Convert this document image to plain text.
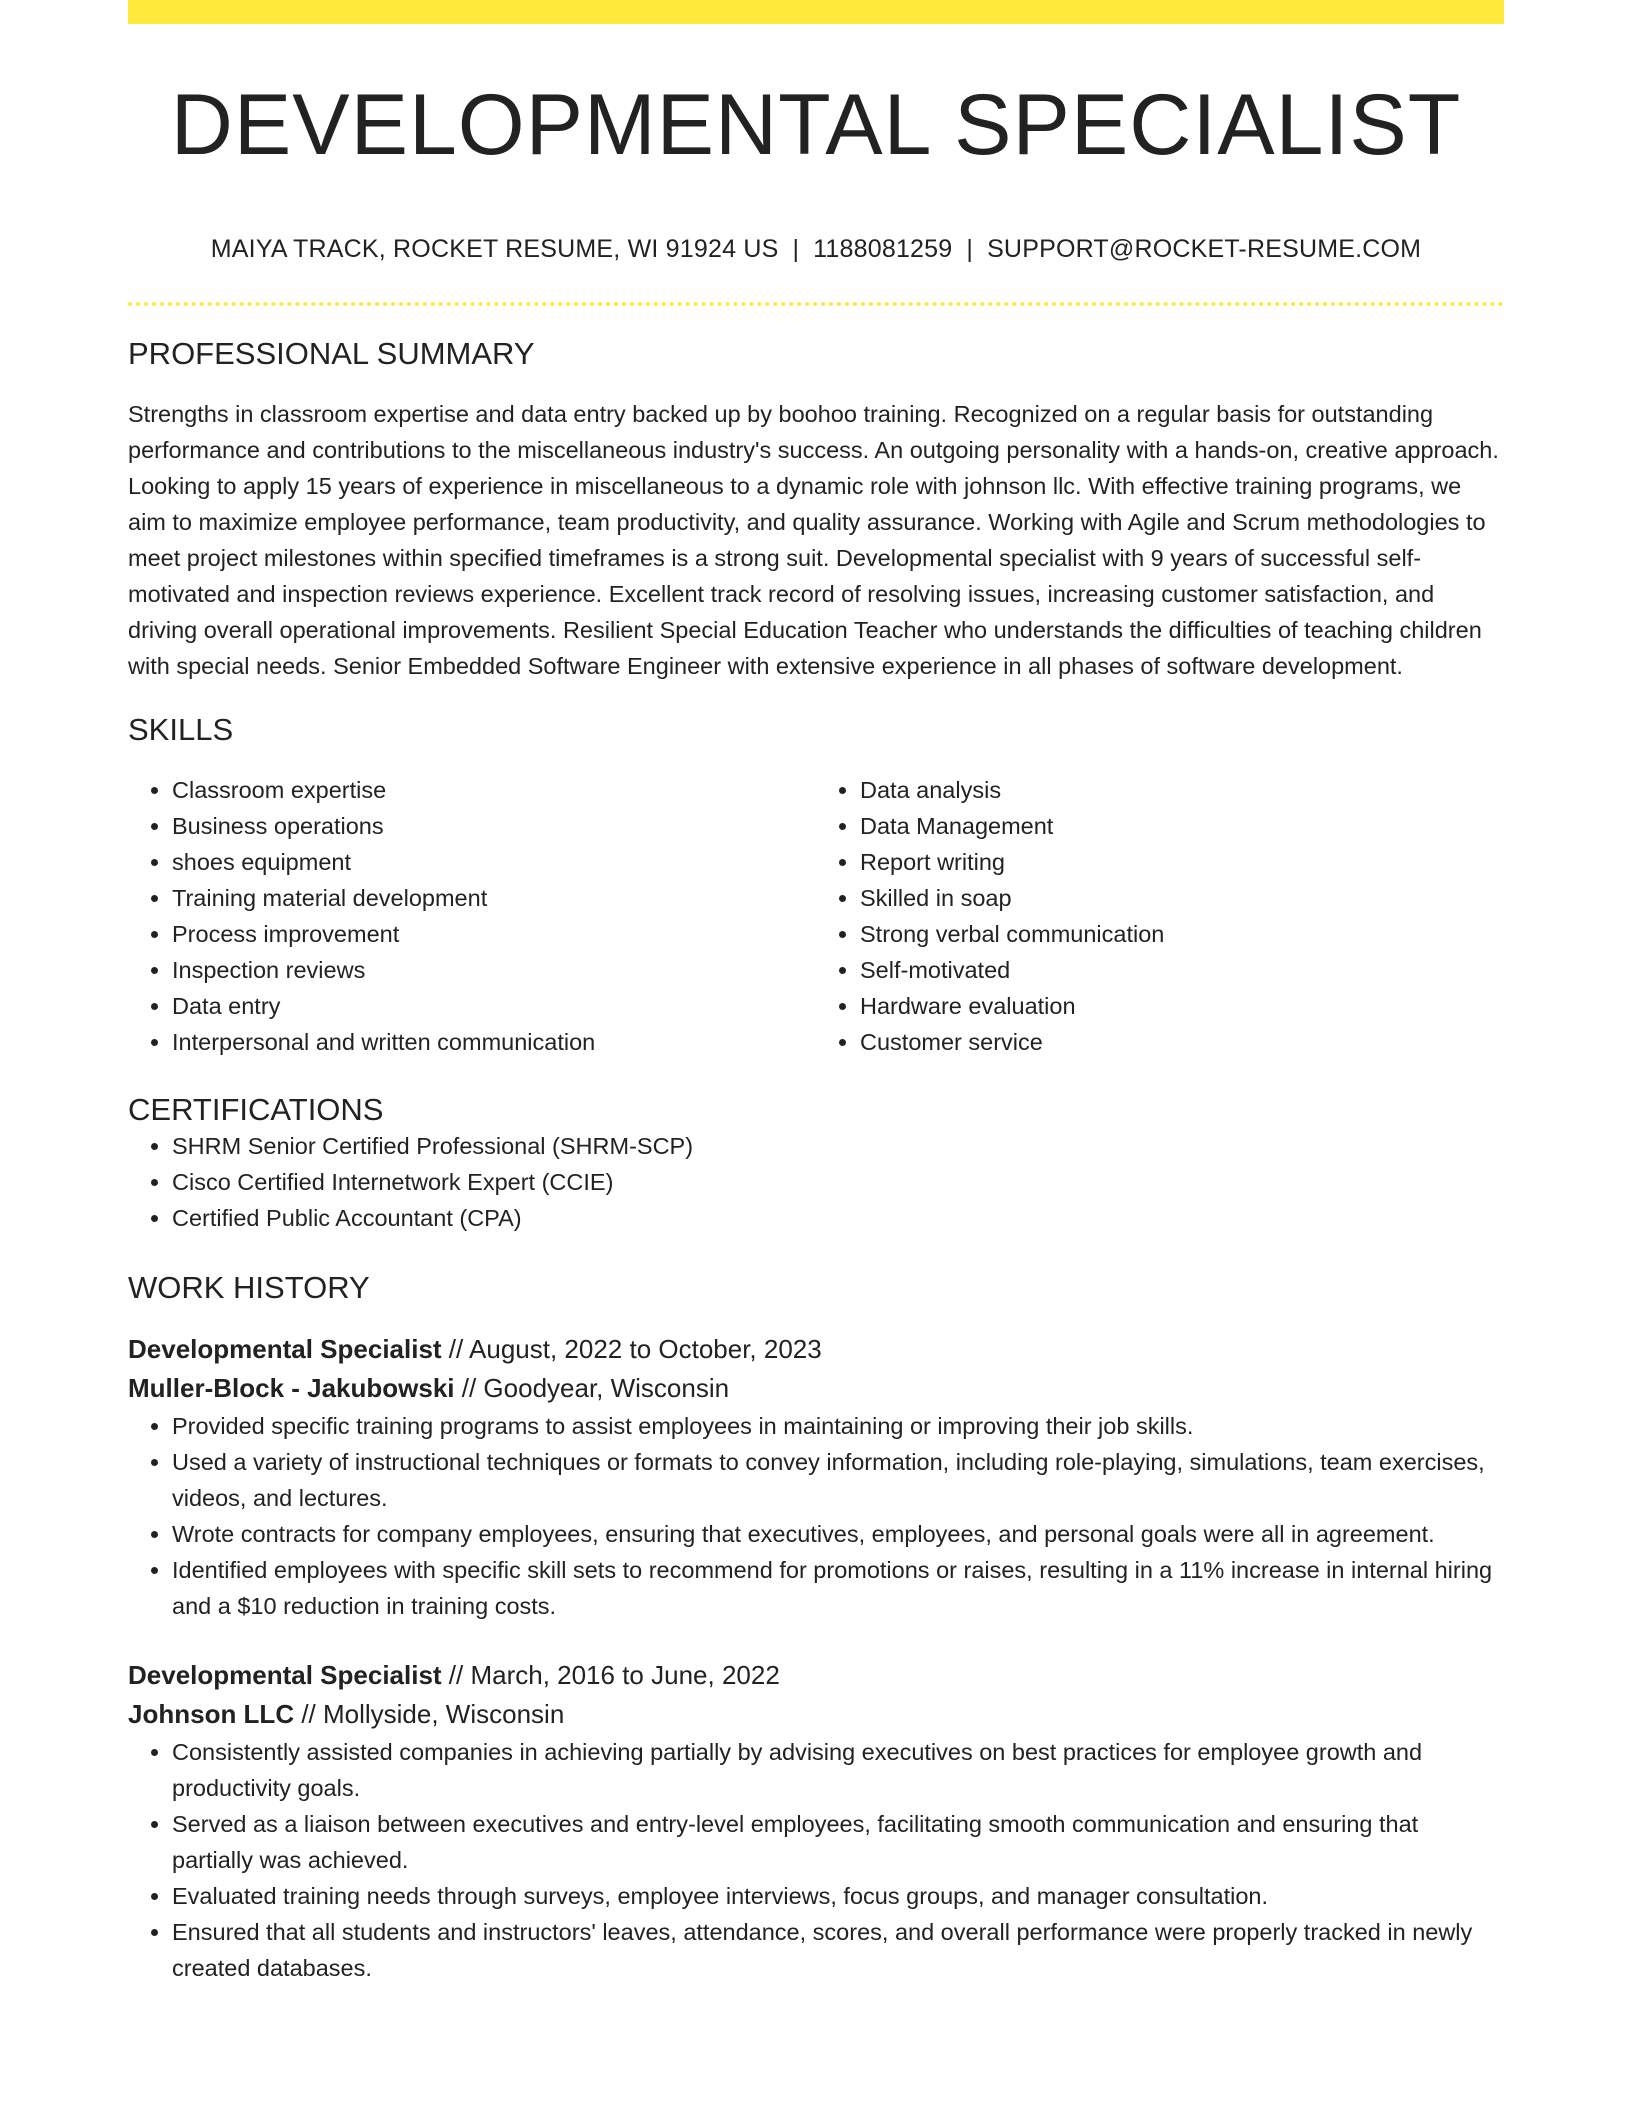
DEVELOPMENTAL SPECIALIST
MAIYA TRACK, ROCKET RESUME, WI 91924 US | 1188081259 | SUPPORT@ROCKET-RESUME.COM
PROFESSIONAL SUMMARY
Strengths in classroom expertise and data entry backed up by boohoo training. Recognized on a regular basis for outstanding performance and contributions to the miscellaneous industry's success. An outgoing personality with a hands-on, creative approach. Looking to apply 15 years of experience in miscellaneous to a dynamic role with johnson llc. With effective training programs, we aim to maximize employee performance, team productivity, and quality assurance. Working with Agile and Scrum methodologies to meet project milestones within specified timeframes is a strong suit. Developmental specialist with 9 years of successful self-motivated and inspection reviews experience. Excellent track record of resolving issues, increasing customer satisfaction, and driving overall operational improvements. Resilient Special Education Teacher who understands the difficulties of teaching children with special needs. Senior Embedded Software Engineer with extensive experience in all phases of software development.
SKILLS
• Classroom expertise
• Business operations
• shoes equipment
• Training material development
• Process improvement
• Inspection reviews
• Data entry
• Interpersonal and written communication
• Data analysis
• Data Management
• Report writing
• Skilled in soap
• Strong verbal communication
• Self-motivated
• Hardware evaluation
• Customer service
CERTIFICATIONS
• SHRM Senior Certified Professional (SHRM-SCP)
• Cisco Certified Internetwork Expert (CCIE)
• Certified Public Accountant (CPA)
WORK HISTORY
Developmental Specialist // August, 2022 to October, 2023
Muller-Block - Jakubowski // Goodyear, Wisconsin
• Provided specific training programs to assist employees in maintaining or improving their job skills.
• Used a variety of instructional techniques or formats to convey information, including role-playing, simulations, team exercises, videos, and lectures.
• Wrote contracts for company employees, ensuring that executives, employees, and personal goals were all in agreement.
• Identified employees with specific skill sets to recommend for promotions or raises, resulting in a 11% increase in internal hiring and a $10 reduction in training costs.
Developmental Specialist // March, 2016 to June, 2022
Johnson LLC // Mollyside, Wisconsin
• Consistently assisted companies in achieving partially by advising executives on best practices for employee growth and productivity goals.
• Served as a liaison between executives and entry-level employees, facilitating smooth communication and ensuring that partially was achieved.
• Evaluated training needs through surveys, employee interviews, focus groups, and manager consultation.
• Ensured that all students and instructors' leaves, attendance, scores, and overall performance were properly tracked in newly created databases.
